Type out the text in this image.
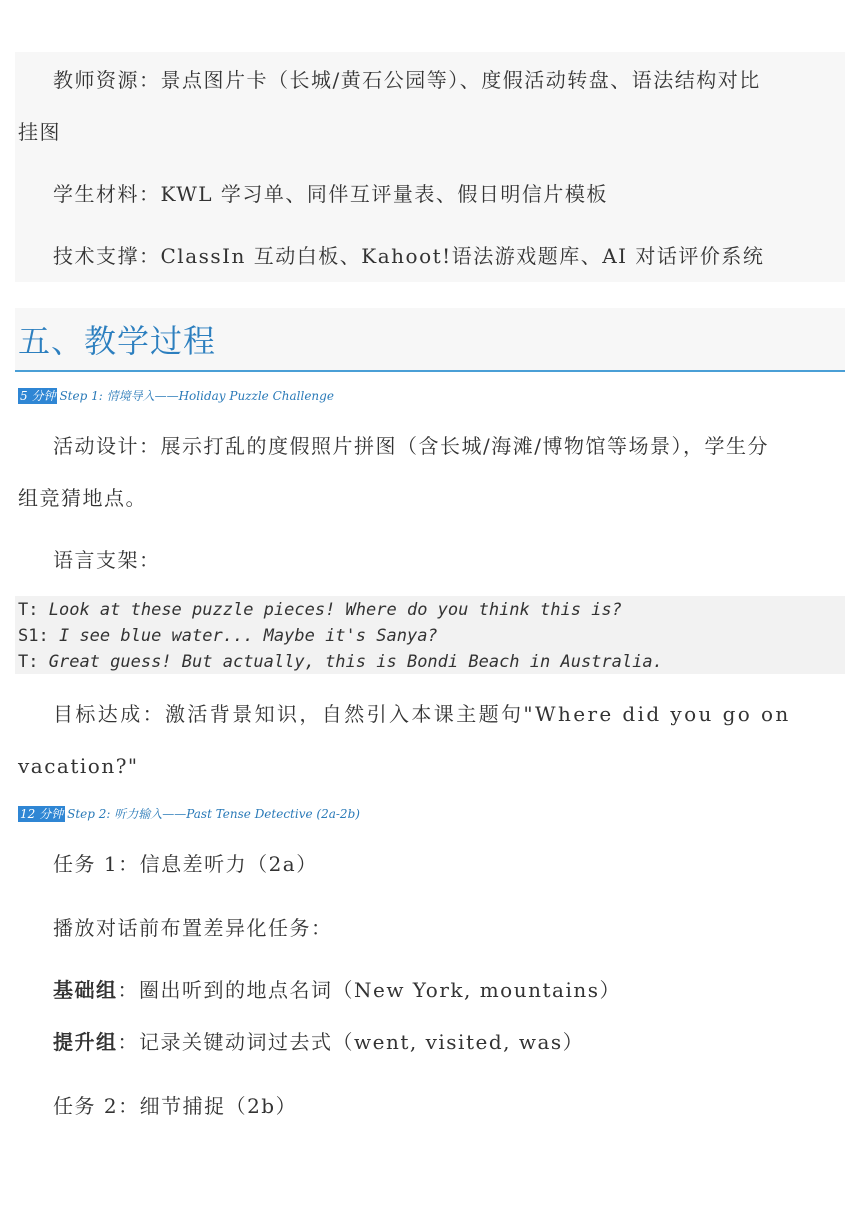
教师资源：景点图片卡（长城/黄石公园等）、度假活动转盘、语法结构对比
挂图
学生材料：KWL 学习单、同伴互评量表、假日明信片模板
技术支撑：ClassIn 互动白板、Kahoot!语法游戏题库、AI 对话评价系统
五、教学过程
5 分钟 Step 1: 情境导入——Holiday Puzzle Challenge
活动设计：展示打乱的度假照片拼图（含长城/海滩/博物馆等场景），学生分
组竞猜地点。
语言支架：
T: Look at these puzzle pieces! Where do you think this is?
S1: I see blue water... Maybe it's Sanya?
T: Great guess! But actually, this is Bondi Beach in Australia.
目标达成：激活背景知识，自然引入本课主题句"Where did you go on
vacation?"
12 分钟 Step 2: 听力输入——Past Tense Detective (2a-2b)
任务 1：信息差听力（2a）
播放对话前布置差异化任务：
基础组：圈出听到的地点名词（New York, mountains）
提升组：记录关键动词过去式（went, visited, was）
任务 2：细节捕捉（2b）
